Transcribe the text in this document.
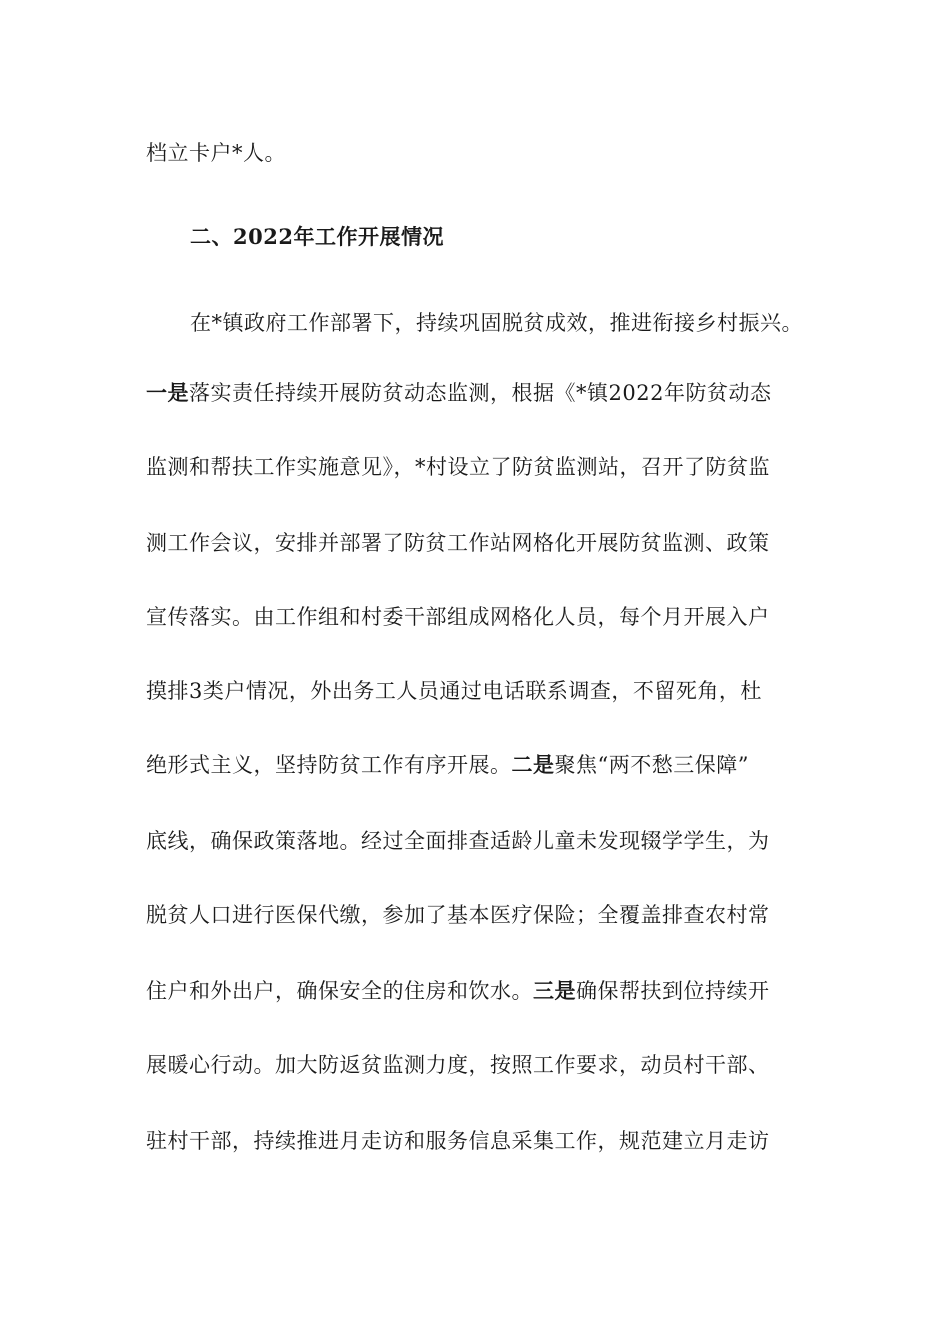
档立卡户*人。
二、2022年工作开展情况
在*镇政府工作部署下，持续巩固脱贫成效，推进衔接乡村振兴。
一是落实责任持续开展防贫动态监测，根据《*镇2022年防贫动态
监测和帮扶工作实施意见》，*村设立了防贫监测站，召开了防贫监
测工作会议，安排并部署了防贫工作站网格化开展防贫监测、政策
宣传落实。由工作组和村委干部组成网格化人员，每个月开展入户
摸排3类户情况，外出务工人员通过电话联系调查，不留死角，杜
绝形式主义，坚持防贫工作有序开展。二是聚焦“两不愁三保障”
底线，确保政策落地。经过全面排查适龄儿童未发现辍学学生，为
脱贫人口进行医保代缴，参加了基本医疗保险；全覆盖排查农村常
住户和外出户，确保安全的住房和饮水。三是确保帮扶到位持续开
展暖心行动。加大防返贫监测力度，按照工作要求，动员村干部、
驻村干部，持续推进月走访和服务信息采集工作，规范建立月走访
